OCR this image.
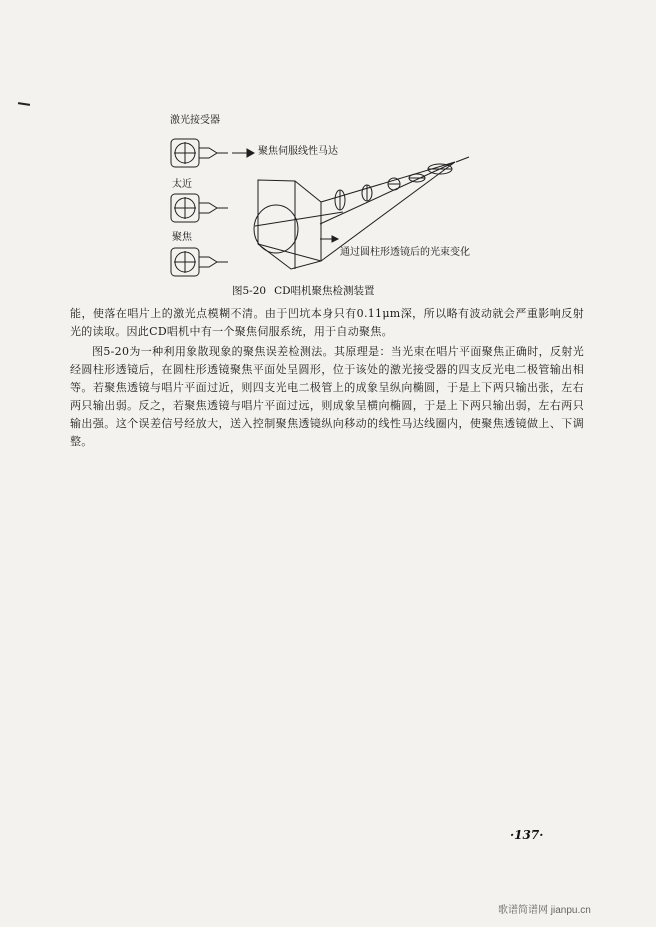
激光接受器
聚焦伺服线性马达
太近
聚焦
通过圆柱形透镜后的光束变化
图5-20 CD唱机聚焦检测装置

能，使落在唱片上的激光点模糊不清。由于凹坑本身只有0.11μm深，所以略有波动就会严重影响反射光的读取。因此CD唱机中有一个聚焦伺服系统，用于自动聚焦。

图5-20为一种利用象散现象的聚焦误差检测法。其原理是：当光束在唱片平面聚焦正确时，反射光经圆柱形透镜后，在圆柱形透镜聚焦平面处呈圆形，位于该处的激光接受器的四支反光电二极管输出相等。若聚焦透镜与唱片平面过近，则四支光电二极管上的成象呈纵向椭圆，于是上下两只输出张，左右两只输出弱。反之，若聚焦透镜与唱片平面过远，则成象呈横向椭圆，于是上下两只输出弱，左右两只输出强。这个误差信号经放大，送入控制聚焦透镜纵向移动的线性马达线圈内，使聚焦透镜做上、下调整。

·137·
歌谱简谱网 jianpu.cn
